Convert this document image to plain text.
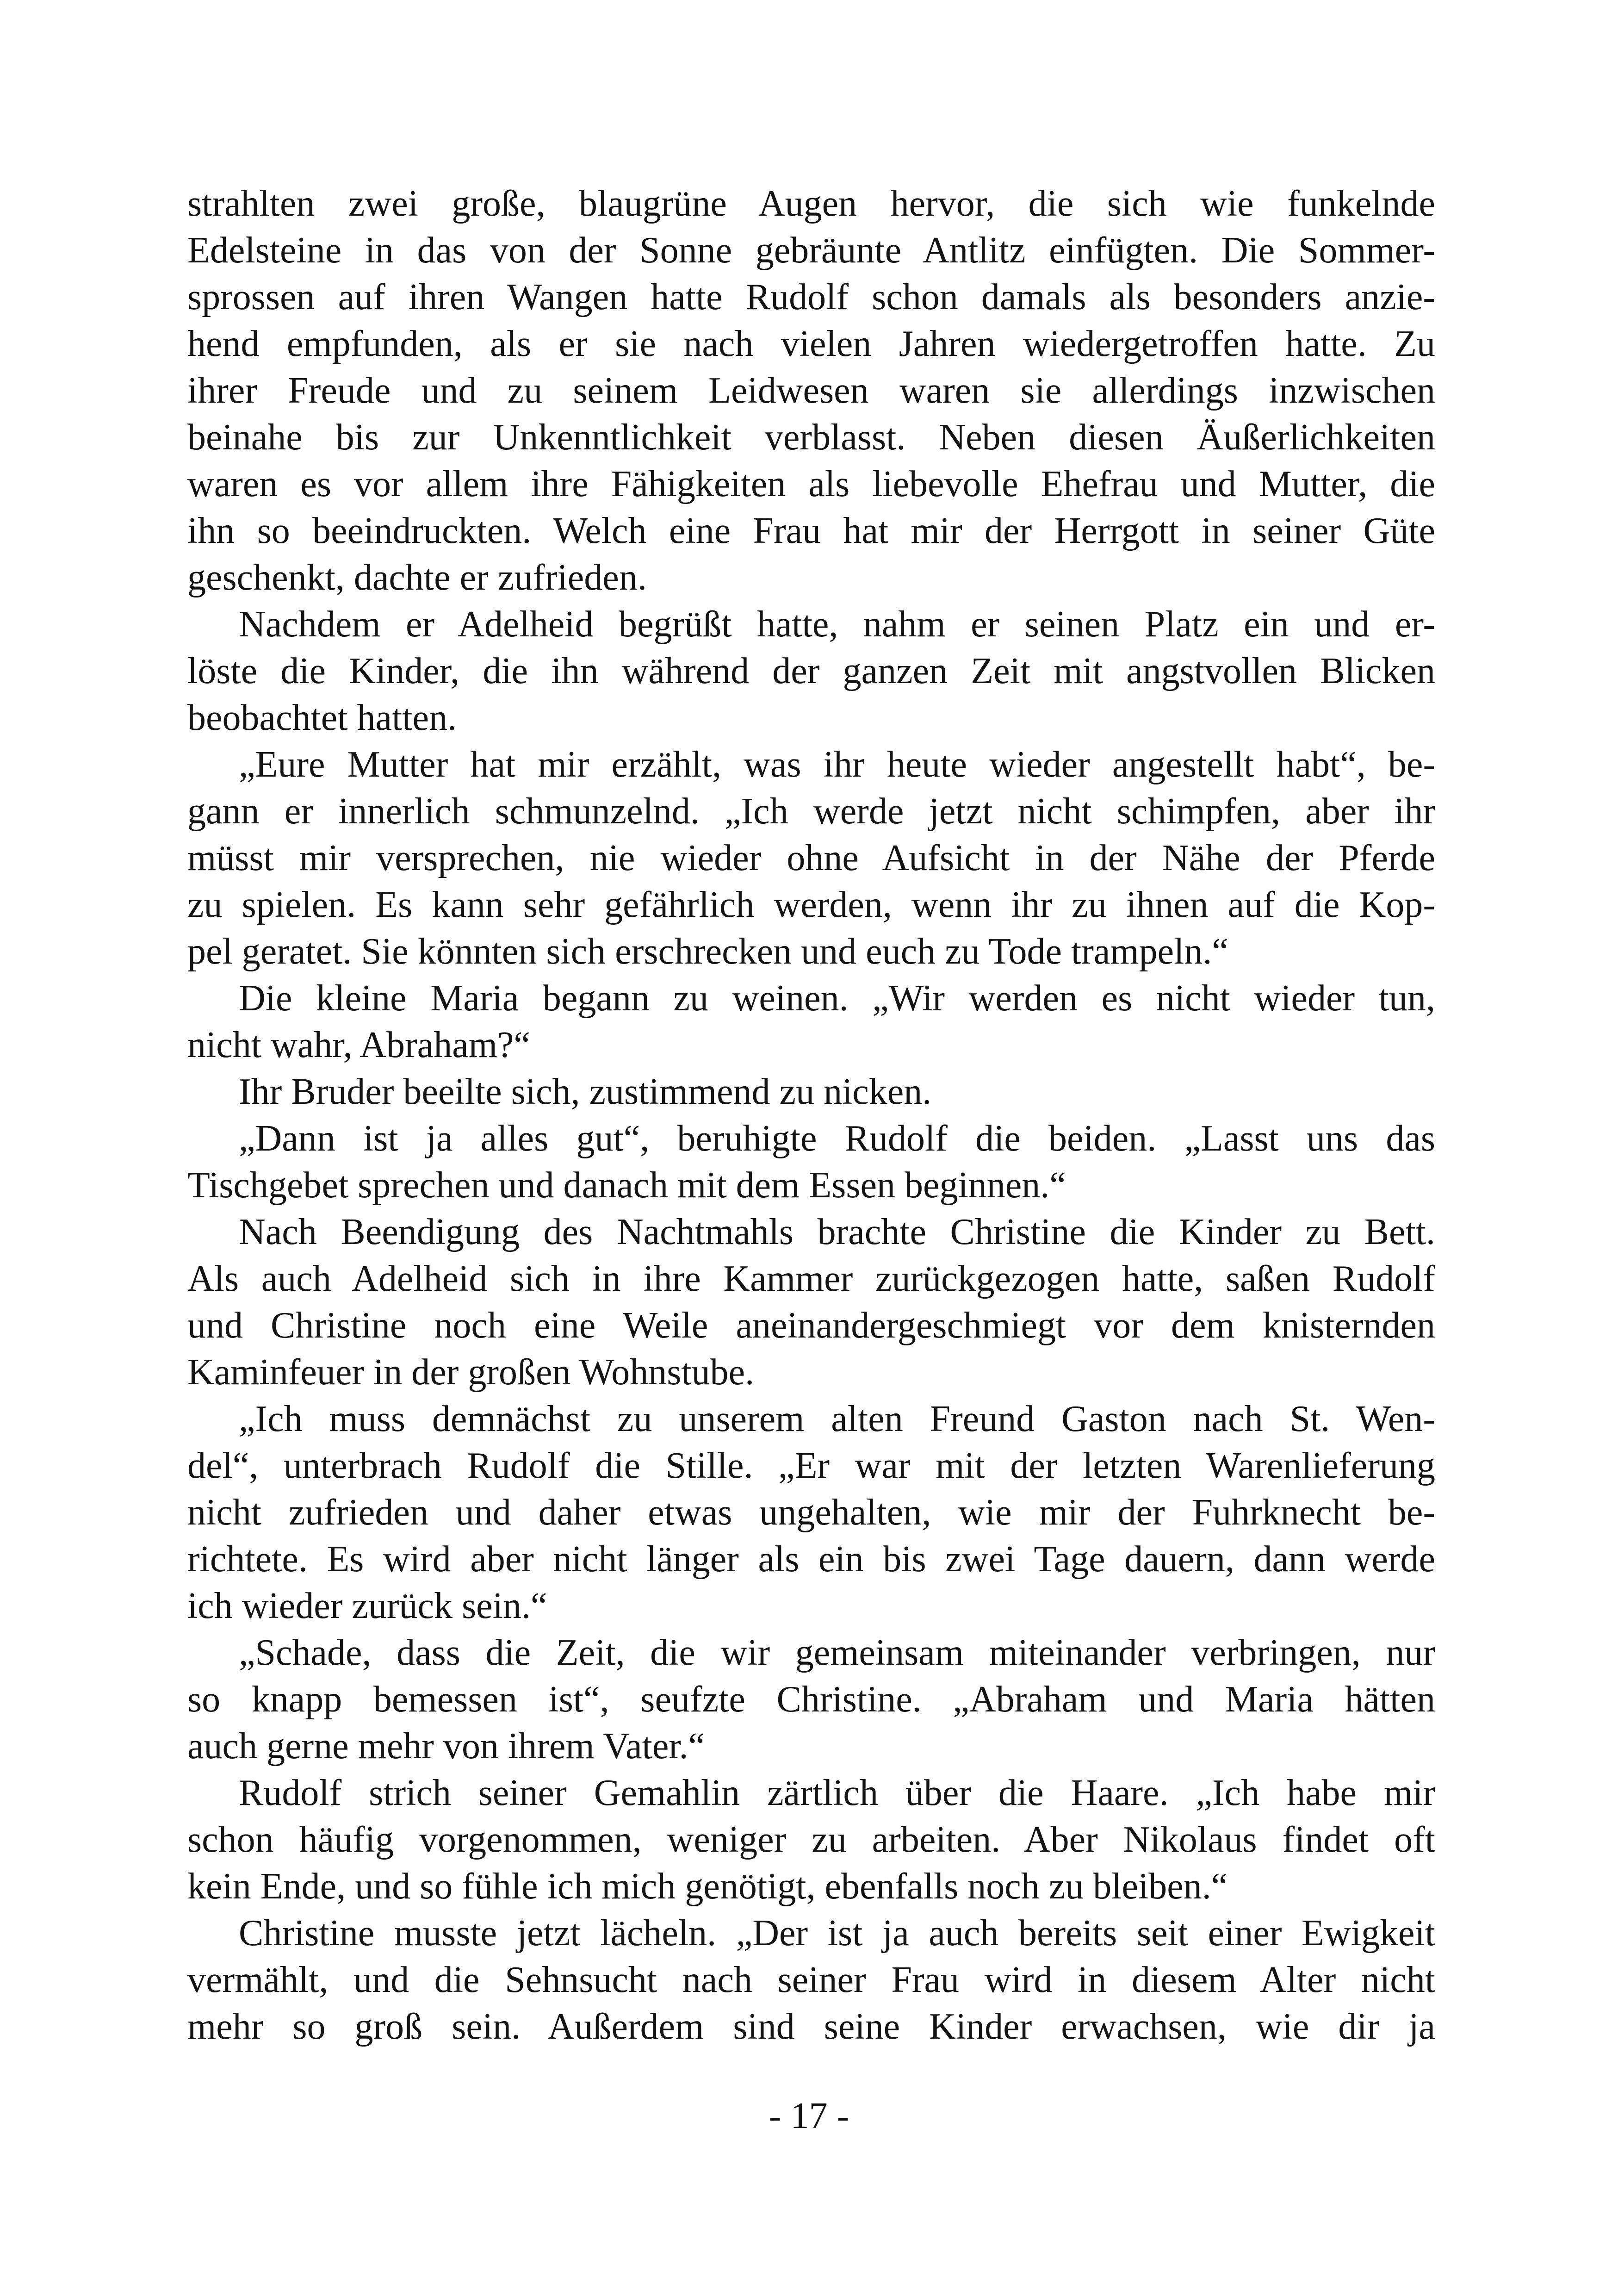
strahlten zwei große, blaugrüne Augen hervor, die sich wie funkelnde

Edelsteine in das von der Sonne gebräunte Antlitz einfügten. Die Sommer-

sprossen auf ihren Wangen hatte Rudolf schon damals als besonders anzie-

hend empfunden, als er sie nach vielen Jahren wiedergetroffen hatte. Zu

ihrer Freude und zu seinem Leidwesen waren sie allerdings inzwischen

beinahe bis zur Unkenntlichkeit verblasst. Neben diesen Äußerlichkeiten

waren es vor allem ihre Fähigkeiten als liebevolle Ehefrau und Mutter, die

ihn so beeindruckten. Welch eine Frau hat mir der Herrgott in seiner Güte

geschenkt, dachte er zufrieden.

Nachdem er Adelheid begrüßt hatte, nahm er seinen Platz ein und er-

löste die Kinder, die ihn während der ganzen Zeit mit angstvollen Blicken

beobachtet hatten.

„Eure Mutter hat mir erzählt, was ihr heute wieder angestellt habt“, be-

gann er innerlich schmunzelnd. „Ich werde jetzt nicht schimpfen, aber ihr

müsst mir versprechen, nie wieder ohne Aufsicht in der Nähe der Pferde

zu spielen. Es kann sehr gefährlich werden, wenn ihr zu ihnen auf die Kop-

pel geratet. Sie könnten sich erschrecken und euch zu Tode trampeln.“

Die kleine Maria begann zu weinen. „Wir werden es nicht wieder tun,

nicht wahr, Abraham?“

Ihr Bruder beeilte sich, zustimmend zu nicken.

„Dann ist ja alles gut“, beruhigte Rudolf die beiden. „Lasst uns das

Tischgebet sprechen und danach mit dem Essen beginnen.“

Nach Beendigung des Nachtmahls brachte Christine die Kinder zu Bett.

Als auch Adelheid sich in ihre Kammer zurückgezogen hatte, saßen Rudolf

und Christine noch eine Weile aneinandergeschmiegt vor dem knisternden

Kaminfeuer in der großen Wohnstube.

„Ich muss demnächst zu unserem alten Freund Gaston nach St. Wen-

del“, unterbrach Rudolf die Stille. „Er war mit der letzten Warenlieferung

nicht zufrieden und daher etwas ungehalten, wie mir der Fuhrknecht be-

richtete. Es wird aber nicht länger als ein bis zwei Tage dauern, dann werde

ich wieder zurück sein.“

„Schade, dass die Zeit, die wir gemeinsam miteinander verbringen, nur

so knapp bemessen ist“, seufzte Christine. „Abraham und Maria hätten

auch gerne mehr von ihrem Vater.“

Rudolf strich seiner Gemahlin zärtlich über die Haare. „Ich habe mir

schon häufig vorgenommen, weniger zu arbeiten. Aber Nikolaus findet oft

kein Ende, und so fühle ich mich genötigt, ebenfalls noch zu bleiben.“

Christine musste jetzt lächeln. „Der ist ja auch bereits seit einer Ewigkeit

vermählt, und die Sehnsucht nach seiner Frau wird in diesem Alter nicht

mehr so groß sein. Außerdem sind seine Kinder erwachsen, wie dir ja

- 17 -
